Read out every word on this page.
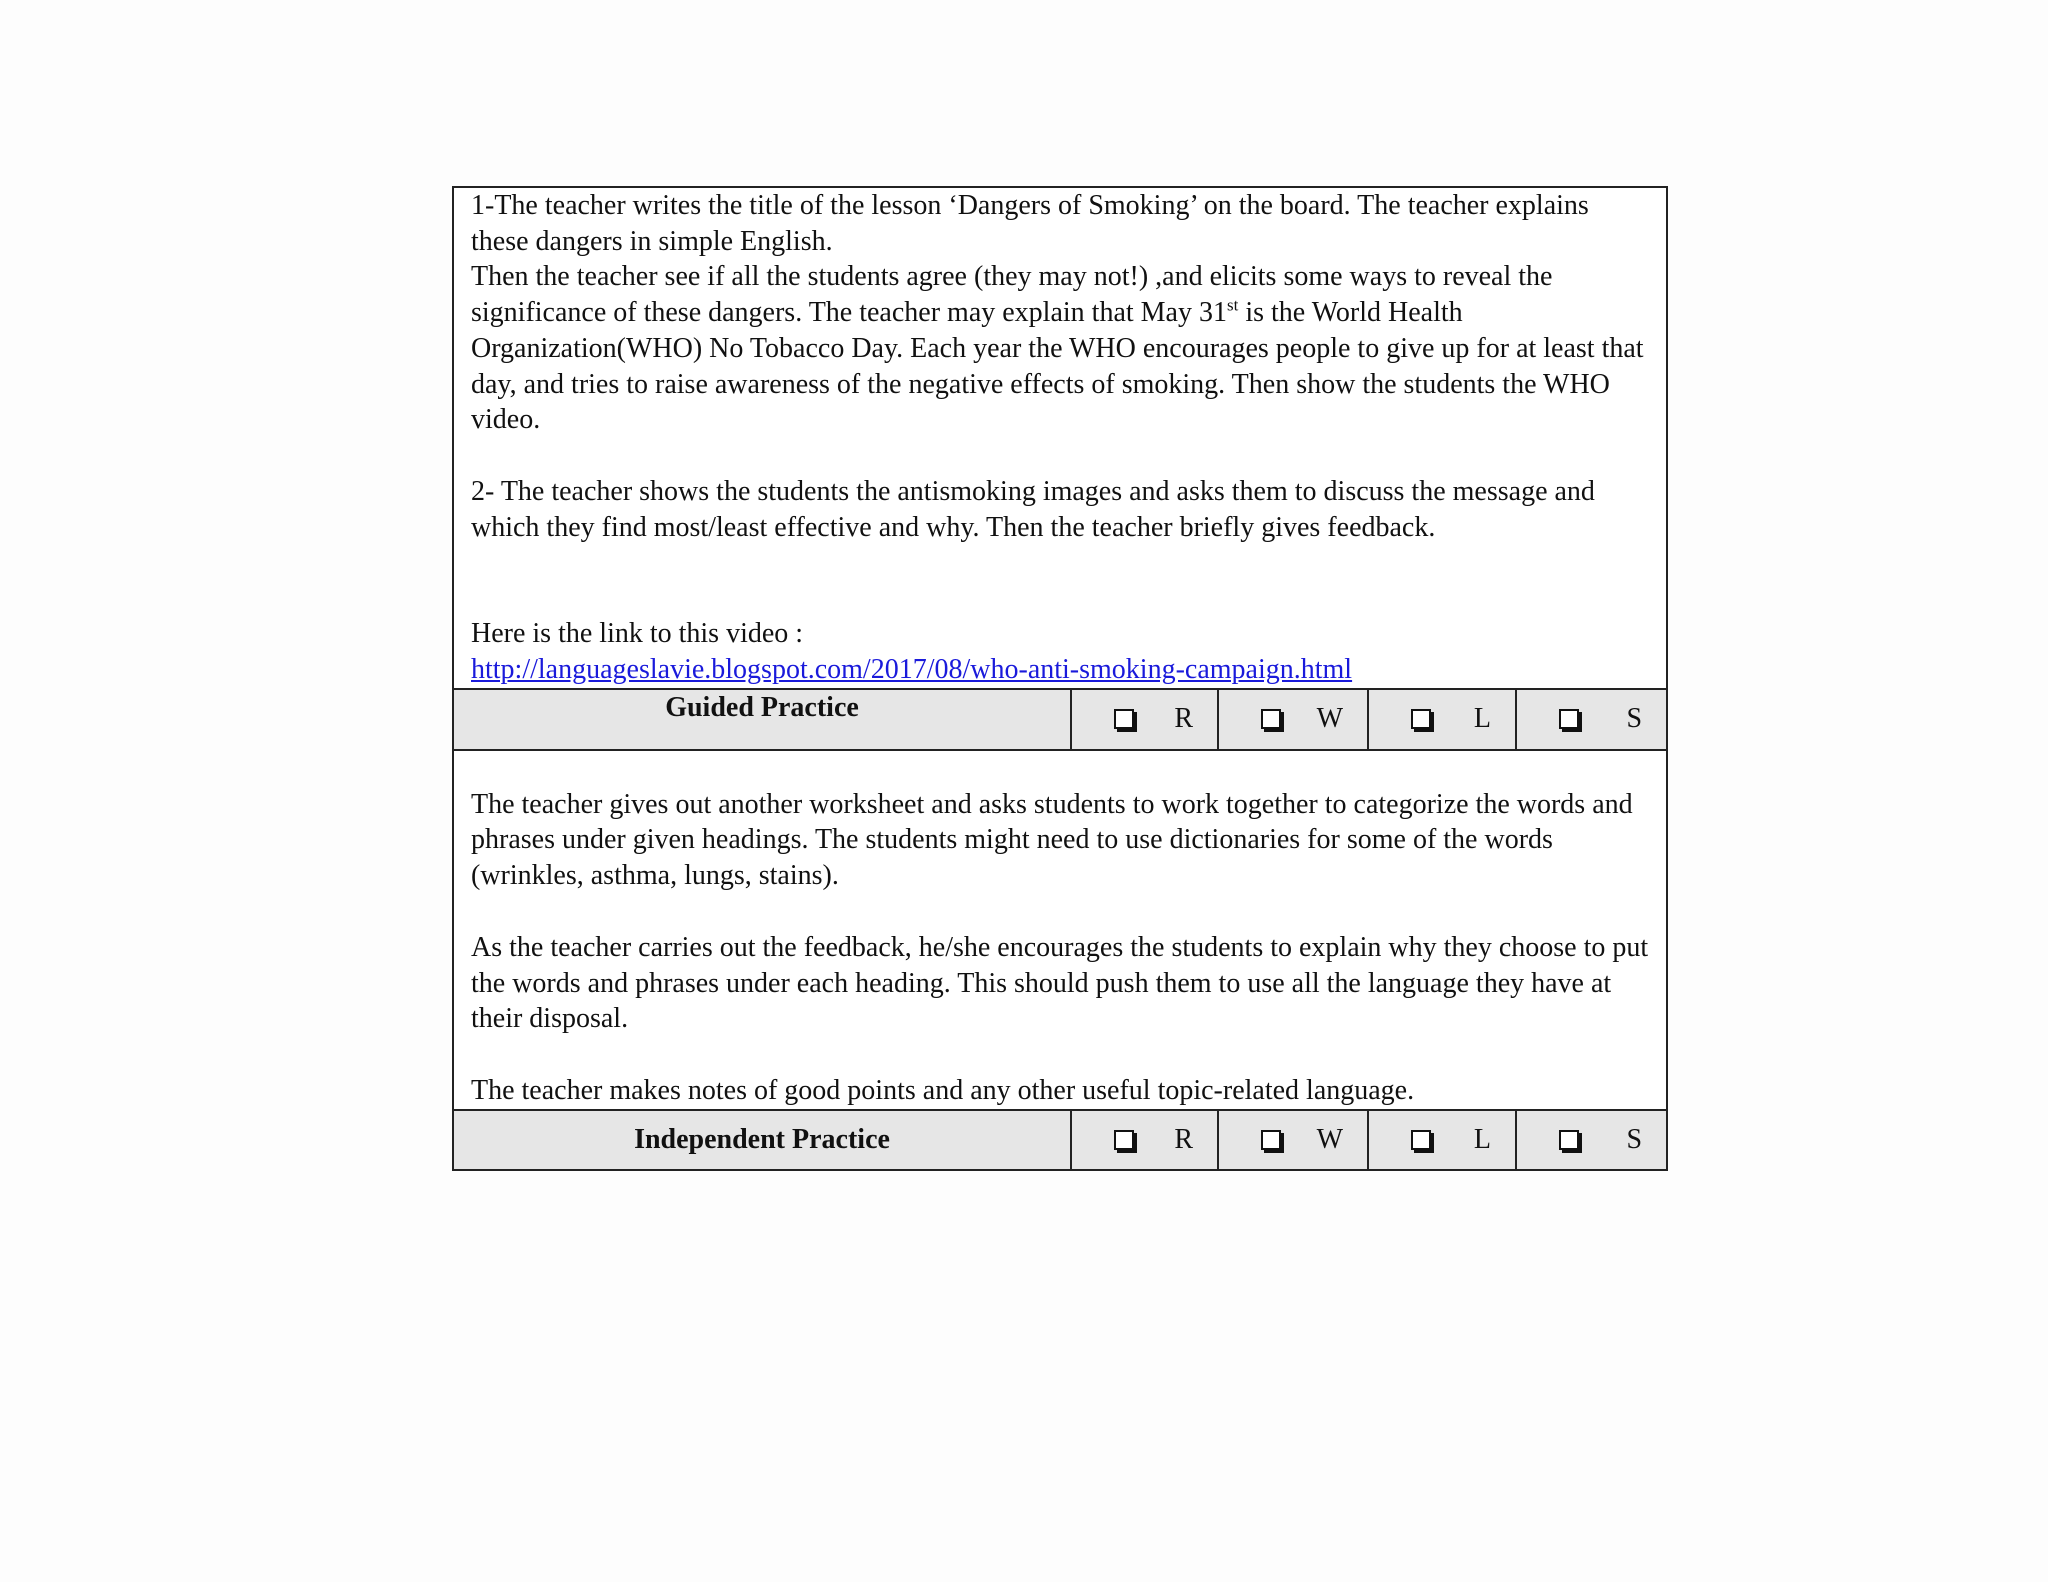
1-The teacher writes the title of the lesson ‘Dangers of Smoking’ on the board. The teacher explains these dangers in simple English.

Then the teacher see if all the students agree (they may not!) ,and elicits some ways to reveal the significance of these dangers. The teacher may explain that May 31st is the World Health Organization(WHO) No Tobacco Day. Each year the WHO encourages people to give up for at least that day, and tries to raise awareness of the negative effects of smoking. Then show the students the WHO video.

2- The teacher shows the students the antismoking images and asks them to discuss the message and which they find most/least effective and why. Then the teacher briefly gives feedback.

Here is the link to this video :

http://languageslavie.blogspot.com/2017/08/who-anti-smoking-campaign.html				

Guided Practice	R	W	L	S

The teacher gives out another worksheet and asks students to work together to categorize the words and phrases under given headings. The students might need to use dictionaries for some of the words (wrinkles, asthma, lungs, stains).

As the teacher carries out the feedback, he/she encourages the students to explain why they choose to put the words and phrases under each heading. This should push them to use all the language they have at their disposal.

The teacher makes notes of good points and any other useful topic-related language.				

Independent Practice	R	W	L	S
